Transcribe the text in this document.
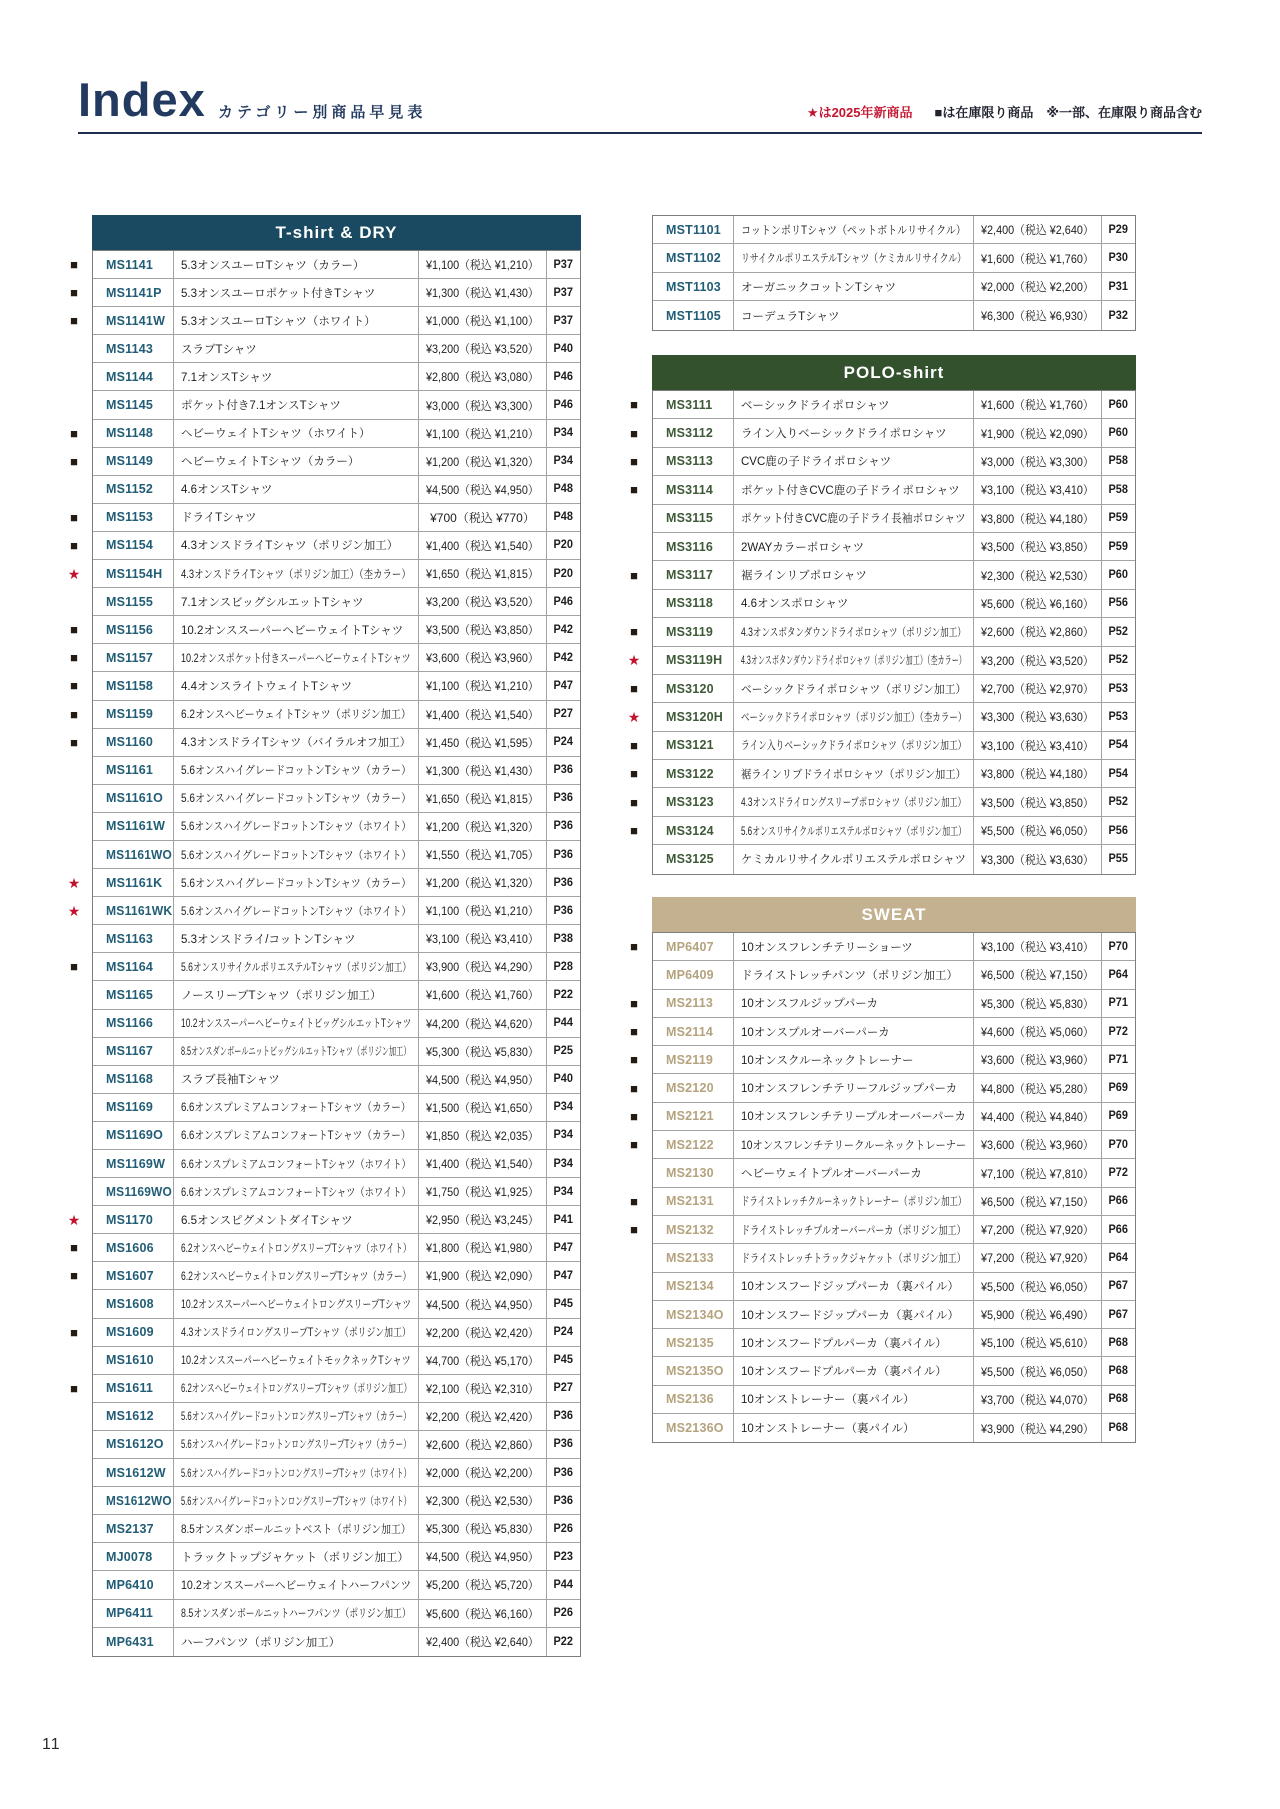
Index カテゴリー別商品早見表	★は2025年新商品 ■は在庫限り商品　※一部、在庫限り商品含む
T-shirt & DRY
■	MS1141 5.3オンスユーロTシャツ（カラー）	¥1,100（税込 ¥1,210） P37
■	MS1141P 5.3オンスユーロポケット付きTシャツ	¥1,300（税込 ¥1,430） P37
■	MS1141W 5.3オンスユーロTシャツ（ホワイト）	¥1,000（税込 ¥1,100） P37
MS1143 スラブTシャツ	¥3,200（税込 ¥3,520） P40
MS1144 7.1オンスTシャツ	¥2,800（税込 ¥3,080） P46
MS1145 ポケット付き7.1オンスTシャツ	¥3,000（税込 ¥3,300） P46
■	MS1148 ヘビーウェイトTシャツ（ホワイト）	¥1,100（税込 ¥1,210） P34
■	MS1149 ヘビーウェイトTシャツ（カラー）	¥1,200（税込 ¥1,320） P34
MS1152 4.6オンスTシャツ	¥4,500（税込 ¥4,950） P48
■	MS1153 ドライTシャツ	¥700（税込 ¥770） P48
■	MS1154 4.3オンスドライTシャツ（ポリジン加工） ¥1,400（税込 ¥1,540） P20
★	MS1154H 4.3オンスドライTシャツ（ポリジン加工）（杢カラー） ¥1,650（税込 ¥1,815） P20
MS1155 7.1オンスビッグシルエットTシャツ	¥3,200（税込 ¥3,520） P46
■	MS1156 10.2オンススーパーヘビーウェイトTシャツ ¥3,500（税込 ¥3,850） P42
■	MS1157 10.2オンスポケット付きスーパーヘビーウェイトTシャツ ¥3,600（税込 ¥3,960） P42
■	MS1158 4.4オンスライトウェイトTシャツ	¥1,100（税込 ¥1,210） P47
■	MS1159 6.2オンスヘビーウェイトTシャツ（ポリジン加工） ¥1,400（税込 ¥1,540） P27
■	MS1160 4.3オンスドライTシャツ（バイラルオフ加工） ¥1,450（税込 ¥1,595） P24
MS1161 5.6オンスハイグレードコットンTシャツ（カラー） ¥1,300（税込 ¥1,430） P36
MS1161O 5.6オンスハイグレードコットンTシャツ（カラー） ¥1,650（税込 ¥1,815） P36
MS1161W 5.6オンスハイグレードコットンTシャツ（ホワイト） ¥1,200（税込 ¥1,320） P36
MS1161WO 5.6オンスハイグレードコットンTシャツ（ホワイト） ¥1,550（税込 ¥1,705） P36
★	MS1161K 5.6オンスハイグレードコットンTシャツ（カラー） ¥1,200（税込 ¥1,320） P36
★	MS1161WK 5.6オンスハイグレードコットンTシャツ（ホワイト） ¥1,100（税込 ¥1,210） P36
MS1163 5.3オンスドライ/コットンTシャツ	¥3,100（税込 ¥3,410） P38
■	MS1164 5.6オンスリサイクルポリエステルTシャツ（ポリジン加工） ¥3,900（税込 ¥4,290） P28
MS1165 ノースリーブTシャツ（ポリジン加工）	¥1,600（税込 ¥1,760） P22
MS1166 10.2オンススーパーヘビーウェイトビッグシルエットTシャツ ¥4,200（税込 ¥4,620） P44
MS1167 8.5オンスダンボールニットビッグシルエットTシャツ（ポリジン加工） ¥5,300（税込 ¥5,830） P25
MS1168 スラブ長袖Tシャツ	¥4,500（税込 ¥4,950） P40
MS1169 6.6オンスプレミアムコンフォートTシャツ（カラー） ¥1,500（税込 ¥1,650） P34
MS1169O 6.6オンスプレミアムコンフォートTシャツ（カラー） ¥1,850（税込 ¥2,035） P34
MS1169W 6.6オンスプレミアムコンフォートTシャツ（ホワイト） ¥1,400（税込 ¥1,540） P34
MS1169WO 6.6オンスプレミアムコンフォートTシャツ（ホワイト） ¥1,750（税込 ¥1,925） P34
★	MS1170 6.5オンスピグメントダイTシャツ	¥2,950（税込 ¥3,245） P41
■	MS1606 6.2オンスヘビーウェイトロングスリーブTシャツ（ホワイト） ¥1,800（税込 ¥1,980） P47
■	MS1607 6.2オンスヘビーウェイトロングスリーブTシャツ（カラー） ¥1,900（税込 ¥2,090） P47
MS1608 10.2オンススーパーヘビーウェイトロングスリーブTシャツ ¥4,500（税込 ¥4,950） P45
■	MS1609 4.3オンスドライロングスリーブTシャツ（ポリジン加工） ¥2,200（税込 ¥2,420） P24
MS1610 10.2オンススーパーヘビーウェイトモックネックTシャツ ¥4,700（税込 ¥5,170） P45
■	MS1611 6.2オンスヘビーウェイトロングスリーブTシャツ（ポリジン加工） ¥2,100（税込 ¥2,310） P27
MS1612 5.6オンスハイグレードコットンロングスリーブTシャツ（カラー） ¥2,200（税込 ¥2,420） P36
MS1612O 5.6オンスハイグレードコットンロングスリーブTシャツ（カラー） ¥2,600（税込 ¥2,860） P36
MS1612W 5.6オンスハイグレードコットンロングスリーブTシャツ（ホワイト） ¥2,000（税込 ¥2,200） P36
MS1612WO 5.6オンスハイグレードコットンロングスリーブTシャツ（ホワイト） ¥2,300（税込 ¥2,530） P36
MS2137 8.5オンスダンボールニットベスト（ポリジン加工） ¥5,300（税込 ¥5,830） P26
MJ0078 トラックトップジャケット（ポリジン加工） ¥4,500（税込 ¥4,950） P23
MP6410 10.2オンススーパーヘビーウェイトハーフパンツ ¥5,200（税込 ¥5,720） P44
MP6411 8.5オンスダンボールニットハーフパンツ（ポリジン加工） ¥5,600（税込 ¥6,160） P26
MP6431 ハーフパンツ（ポリジン加工）	¥2,400（税込 ¥2,640） P22
MST1101 コットンポリTシャツ（ペットボトルリサイクル） ¥2,400（税込 ¥2,640） P29
MST1102 リサイクルポリエステルTシャツ（ケミカルリサイクル） ¥1,600（税込 ¥1,760） P30
MST1103 オーガニックコットンTシャツ	¥2,000（税込 ¥2,200） P31
MST1105 コーデュラTシャツ	¥6,300（税込 ¥6,930） P32
POLO-shirt
■	MS3111 ベーシックドライポロシャツ	¥1,600（税込 ¥1,760） P60
■	MS3112 ライン入りベーシックドライポロシャツ	¥1,900（税込 ¥2,090） P60
■	MS3113 CVC鹿の子ドライポロシャツ	¥3,000（税込 ¥3,300） P58
■	MS3114 ポケット付きCVC鹿の子ドライポロシャツ ¥3,100（税込 ¥3,410） P58
MS3115 ポケット付きCVC鹿の子ドライ長袖ポロシャツ ¥3,800（税込 ¥4,180） P59
MS3116 2WAYカラーポロシャツ	¥3,500（税込 ¥3,850） P59
■	MS3117 裾ラインリブポロシャツ	¥2,300（税込 ¥2,530） P60
MS3118 4.6オンスポロシャツ	¥5,600（税込 ¥6,160） P56
■	MS3119 4.3オンスボタンダウンドライポロシャツ（ポリジン加工） ¥2,600（税込 ¥2,860） P52
★	MS3119H 4.3オンスボタンダウンドライポロシャツ（ポリジン加工）（杢カラー） ¥3,200（税込 ¥3,520） P52
■	MS3120 ベーシックドライポロシャツ（ポリジン加工） ¥2,700（税込 ¥2,970） P53
★	MS3120H ベーシックドライポロシャツ（ポリジン加工）（杢カラー） ¥3,300（税込 ¥3,630） P53
■	MS3121 ライン入りベーシックドライポロシャツ（ポリジン加工） ¥3,100（税込 ¥3,410） P54
■	MS3122 裾ラインリブドライポロシャツ（ポリジン加工） ¥3,800（税込 ¥4,180） P54
■	MS3123 4.3オンスドライロングスリーブポロシャツ（ポリジン加工） ¥3,500（税込 ¥3,850） P52
■	MS3124 5.6オンスリサイクルポリエステルポロシャツ（ポリジン加工） ¥5,500（税込 ¥6,050） P56
MS3125 ケミカルリサイクルポリエステルポロシャツ ¥3,300（税込 ¥3,630） P55
SWEAT
■	MP6407 10オンスフレンチテリーショーツ	¥3,100（税込 ¥3,410） P70
MP6409 ドライストレッチパンツ（ポリジン加工） ¥6,500（税込 ¥7,150） P64
■	MS2113 10オンスフルジップパーカ	¥5,300（税込 ¥5,830） P71
■	MS2114 10オンスプルオーバーパーカ	¥4,600（税込 ¥5,060） P72
■	MS2119 10オンスクルーネックトレーナー	¥3,600（税込 ¥3,960） P71
■	MS2120 10オンスフレンチテリーフルジップパーカ ¥4,800（税込 ¥5,280） P69
■	MS2121 10オンスフレンチテリープルオーバーパーカ ¥4,400（税込 ¥4,840） P69
■	MS2122 10オンスフレンチテリークルーネックトレーナー ¥3,600（税込 ¥3,960） P70
MS2130 ヘビーウェイトプルオーバーパーカ	¥7,100（税込 ¥7,810） P72
■	MS2131 ドライストレッチクルーネックトレーナー（ポリジン加工） ¥6,500（税込 ¥7,150） P66
■	MS2132 ドライストレッチプルオーバーパーカ（ポリジン加工） ¥7,200（税込 ¥7,920） P66
MS2133 ドライストレッチトラックジャケット（ポリジン加工） ¥7,200（税込 ¥7,920） P64
MS2134 10オンスフードジップパーカ（裏パイル） ¥5,500（税込 ¥6,050） P67
MS2134O 10オンスフードジップパーカ（裏パイル） ¥5,900（税込 ¥6,490） P67
MS2135 10オンスフードプルパーカ（裏パイル）	¥5,100（税込 ¥5,610） P68
MS2135O 10オンスフードプルパーカ（裏パイル）	¥5,500（税込 ¥6,050） P68
MS2136 10オンストレーナー（裏パイル）	¥3,700（税込 ¥4,070） P68
MS2136O 10オンストレーナー（裏パイル）	¥3,900（税込 ¥4,290） P68
11
